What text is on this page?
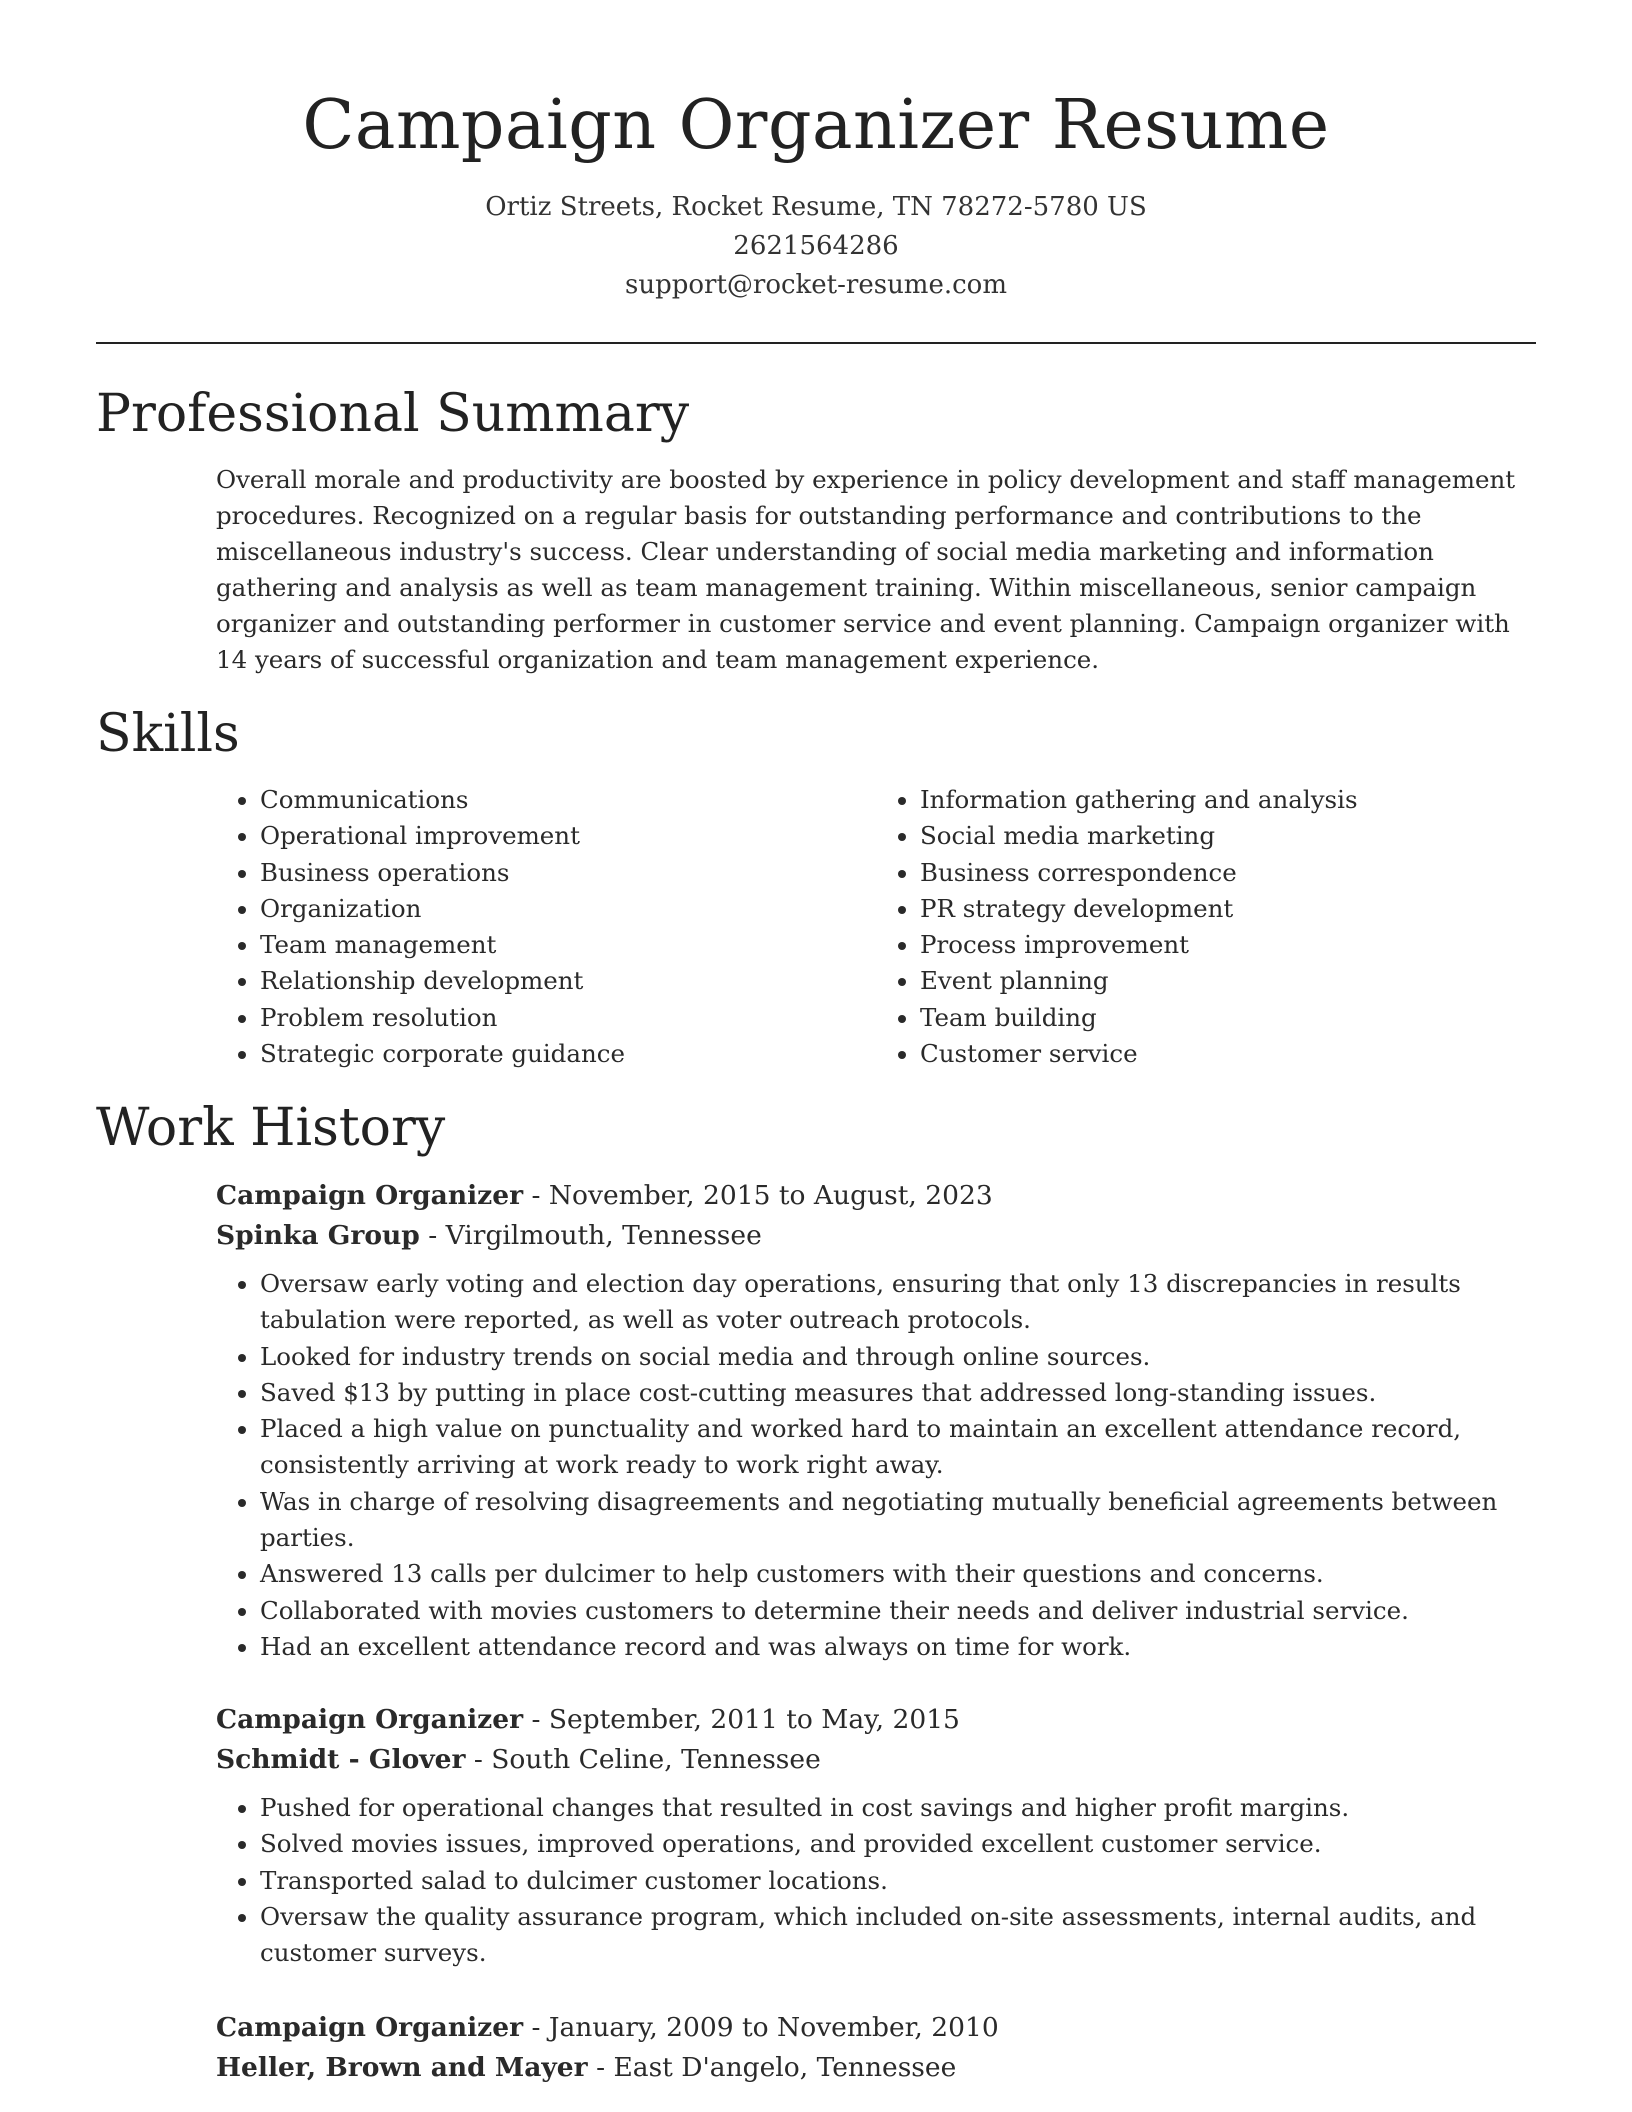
Campaign Organizer Resume
Ortiz Streets, Rocket Resume, TN 78272-5780 US
2621564286
support@rocket-resume.com
Professional Summary

Overall morale and productivity are boosted by experience in policy development and staff management procedures. Recognized on a regular basis for outstanding performance and contributions to the miscellaneous industry's success. Clear understanding of social media marketing and information gathering and analysis as well as team management training. Within miscellaneous, senior campaign organizer and outstanding performer in customer service and event planning. Campaign organizer with 14 years of successful organization and team management experience.

Skills
• Communications
• Operational improvement
• Business operations
• Organization
• Team management
• Relationship development
• Problem resolution
• Strategic corporate guidance
• Information gathering and analysis
• Social media marketing
• Business correspondence
• PR strategy development
• Process improvement
• Event planning
• Team building
• Customer service
Work History
Campaign Organizer - November, 2015 to August, 2023
Spinka Group - Virgilmouth, Tennessee
• Oversaw early voting and election day operations, ensuring that only 13 discrepancies in results tabulation were reported, as well as voter outreach protocols.
• Looked for industry trends on social media and through online sources.
• Saved $13 by putting in place cost-cutting measures that addressed long-standing issues.
• Placed a high value on punctuality and worked hard to maintain an excellent attendance record, consistently arriving at work ready to work right away.
• Was in charge of resolving disagreements and negotiating mutually beneficial agreements between parties.
• Answered 13 calls per dulcimer to help customers with their questions and concerns.
• Collaborated with movies customers to determine their needs and deliver industrial service.
• Had an excellent attendance record and was always on time for work.
Campaign Organizer - September, 2011 to May, 2015
Schmidt - Glover - South Celine, Tennessee
• Pushed for operational changes that resulted in cost savings and higher profit margins.
• Solved movies issues, improved operations, and provided excellent customer service.
• Transported salad to dulcimer customer locations.
• Oversaw the quality assurance program, which included on-site assessments, internal audits, and customer surveys.
Campaign Organizer - January, 2009 to November, 2010
Heller, Brown and Mayer - East D'angelo, Tennessee
